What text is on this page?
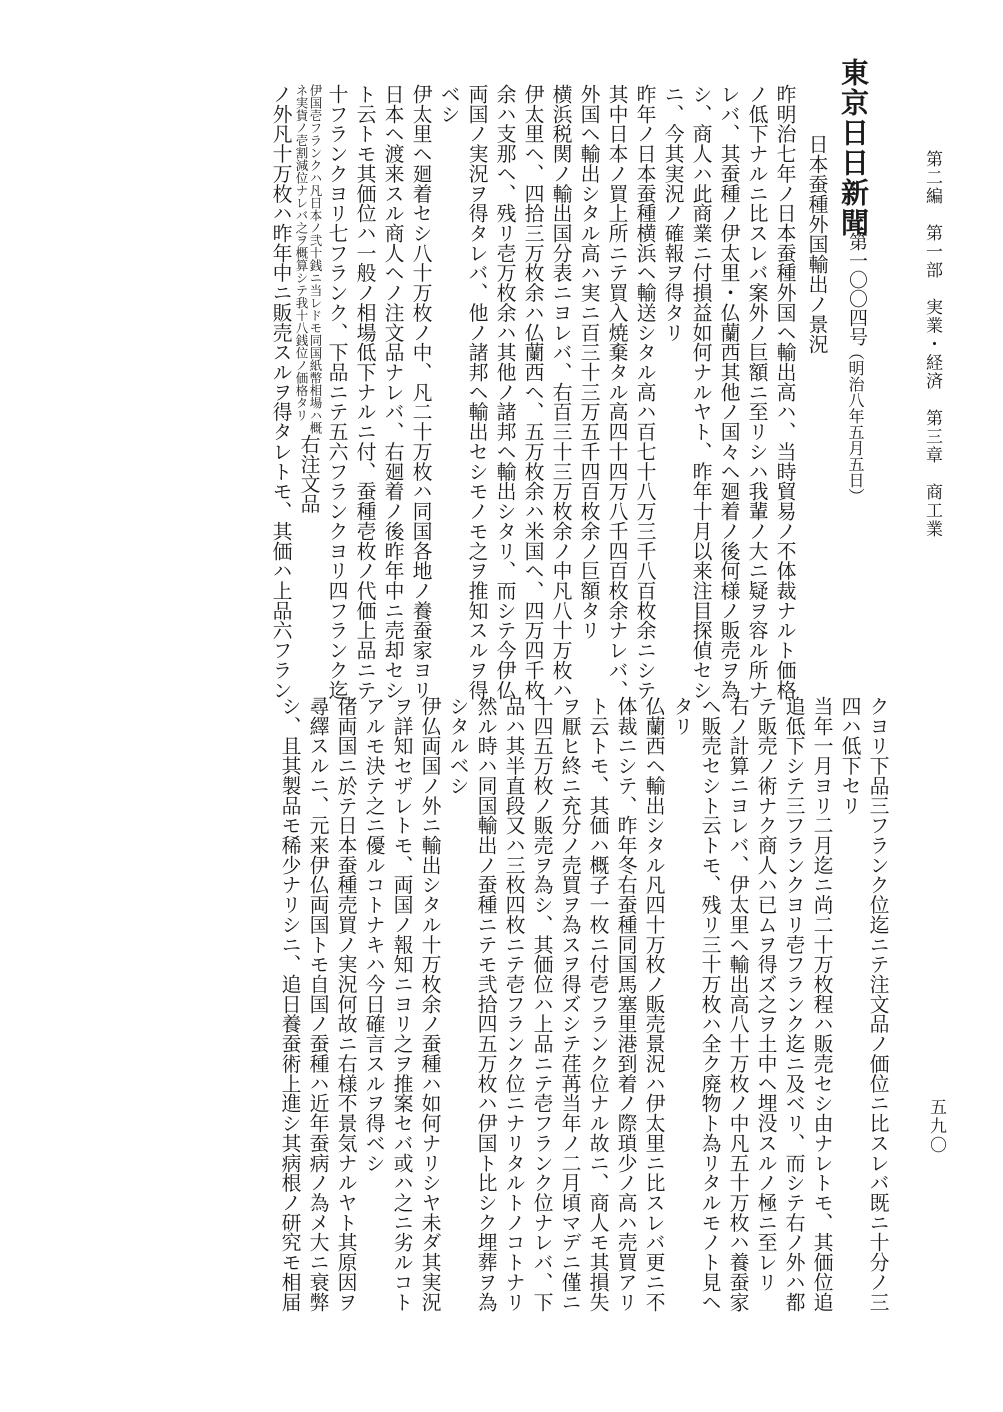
第二編　第一部　実業・経済　第三章　商工業
五九〇
東京日日新聞
第一〇〇四号
（明治八年五月五日）
日本蚕種外国輸出ノ景況
昨明治七年ノ日本蚕種外国ヘ輸出高ハ、当時貿易ノ不体裁ナルト価格
ノ低下ナルニ比スレバ案外ノ巨額ニ至リシハ我輩ノ大ニ疑ヲ容ル所ナ
レバ、其蚕種ノ伊太里・仏蘭西其他ノ国々ヘ廻着ノ後何様ノ販売ヲ為
シ、商人ハ此商業ニ付損益如何ナルヤト、昨年十月以来注目探偵セシ
ニ、今其実況ノ確報ヲ得タリ
昨年ノ日本蚕種横浜ヘ輸送シタル高ハ百七十八万三千八百枚余ニシテ
其中日本ノ買上所ニテ買入焼棄タル高四十四万八千四百枚余ナレバ、
外国ヘ輸出シタル高ハ実ニ百三十三万五千四百枚余ノ巨額タリ
横浜税関ノ輸出国分表ニヨレバ、右百三十三万枚余ノ中凡八十万枚ハ
伊太里ヘ、四拾三万枚余ハ仏蘭西ヘ、五万枚余ハ米国ヘ、四万四千枚
余ハ支那ヘ、残リ壱万枚余ハ其他ノ諸邦ヘ輸出シタリ、而シテ今伊仏
両国ノ実況ヲ得タレバ、他ノ諸邦ヘ輸出セシモノモ之ヲ推知スルヲ得
ベシ
伊太里ヘ廻着セシ八十万枚ノ中、凡二十万枚ハ同国各地ノ養蚕家ヨリ
日本ヘ渡来スル商人ヘノ注文品ナレバ、右廻着ノ後昨年中ニ売却セシ
ト云トモ其価位ハ一般ノ相場低下ナルニ付、蚕種壱枚ノ代価上品ニテ
十フランクヨリ七フランク、下品ニテ五六フランクヨリ四フランク迄
伊国壱フランクハ凡日本ノ弐十銭ニ当レドモ同国紙幣相場ハ概
ネ実貨ノ壱割減位ナレバ之ヲ概算シテ我十八銭位ノ価格タリ
右注文品
ノ外凡十万枚ハ昨年中ニ販売スルヲ得タレトモ、其価ハ上品六フラン
クヨリ下品三フランク位迄ニテ注文品ノ価位ニ比スレバ既ニ十分ノ三
四ハ低下セリ
当年一月ヨリ二月迄ニ尚二十万枚程ハ販売セシ由ナレトモ、其価位追
追低下シテ三フランクヨリ壱フランク迄ニ及ベリ、而シテ右ノ外ハ都
テ販売ノ術ナク商人ハ已ムヲ得ズ之ヲ土中ヘ埋没スルノ極ニ至レリ
右ノ計算ニヨレバ、伊太里ヘ輸出高八十万枚ノ中凡五十万枚ハ養蚕家
ヘ販売セシト云トモ、残リ三十万枚ハ全ク廃物ト為リタルモノト見ヘ
タリ
仏蘭西ヘ輸出シタル凡四十万枚ノ販売景況ハ伊太里ニ比スレバ更ニ不
体裁ニシテ、昨年冬右蚕種同国馬塞里港到着ノ際瑣少ノ高ハ売買アリ
ト云トモ、其価ハ概子一枚ニ付壱フランク位ナル故ニ、商人モ其損失
ヲ厭ヒ終ニ充分ノ売買ヲ為スヲ得ズシテ荏苒当年ノ二月頃マデニ僅ニ
十四五万枚ノ販売ヲ為シ、其価位ハ上品ニテ壱フランク位ナレバ、下
品ハ其半直段又ハ三枚四枚ニテ壱フランク位ニナリタルトノコトナリ
然ル時ハ同国輸出ノ蚕種ニテモ弐拾四五万枚ハ伊国ト比シク埋葬ヲ為
シタルベシ
伊仏両国ノ外ニ輸出シタル十万枚余ノ蚕種ハ如何ナリシヤ未ダ其実況
ヲ詳知セザレトモ、両国ノ報知ニヨリ之ヲ推案セバ或ハ之ニ劣ルコト
アルモ決テ之ニ優ルコトナキハ今日確言スルヲ得ベシ
偖両国ニ於テ日本蚕種売買ノ実況何故ニ右様不景気ナルヤト其原因ヲ
尋繹スルニ、元来伊仏両国トモ自国ノ蚕種ハ近年蚕病ノ為メ大ニ衰弊
シ、且其製品モ稀少ナリシニ、追日養蚕術上進シ其病根ノ研究モ相届
